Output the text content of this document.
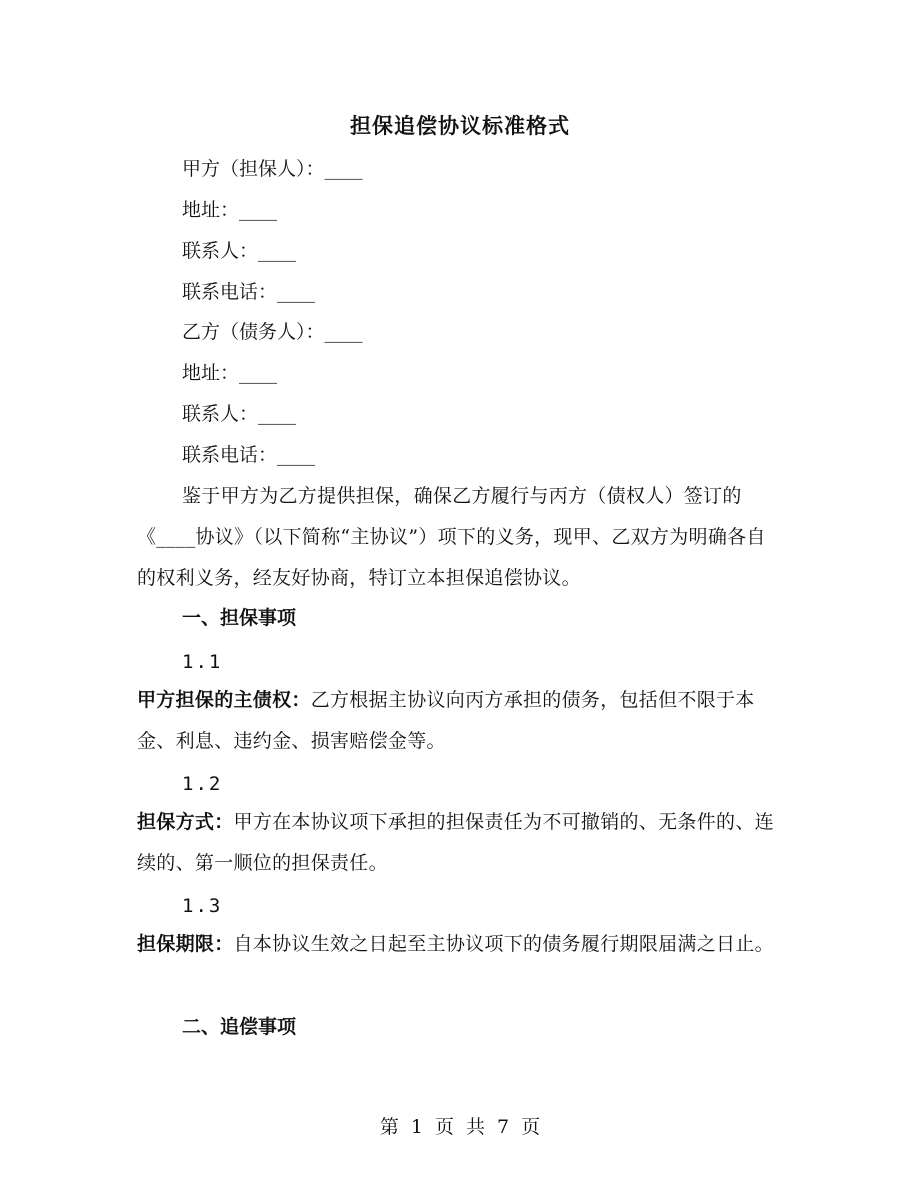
担保追偿协议标准格式
甲方（担保人）：____
地址：____
联系人：____
联系电话：____
乙方（债务人）：____
地址：____
联系人：____
联系电话：____
鉴于甲方为乙方提供担保，确保乙方履行与丙方（债权人）签订的《____协议》（以下简称“主协议”）项下的义务，现甲、乙双方为明确各自的权利义务，经友好协商，特订立本担保追偿协议。
一、担保事项
1.1
甲方担保的主债权：乙方根据主协议向丙方承担的债务，包括但不限于本金、利息、违约金、损害赔偿金等。
1.2
担保方式：甲方在本协议项下承担的担保责任为不可撤销的、无条件的、连续的、第一顺位的担保责任。
1.3
担保期限：自本协议生效之日起至主协议项下的债务履行期限届满之日止。
二、追偿事项
第 1 页 共 7 页
